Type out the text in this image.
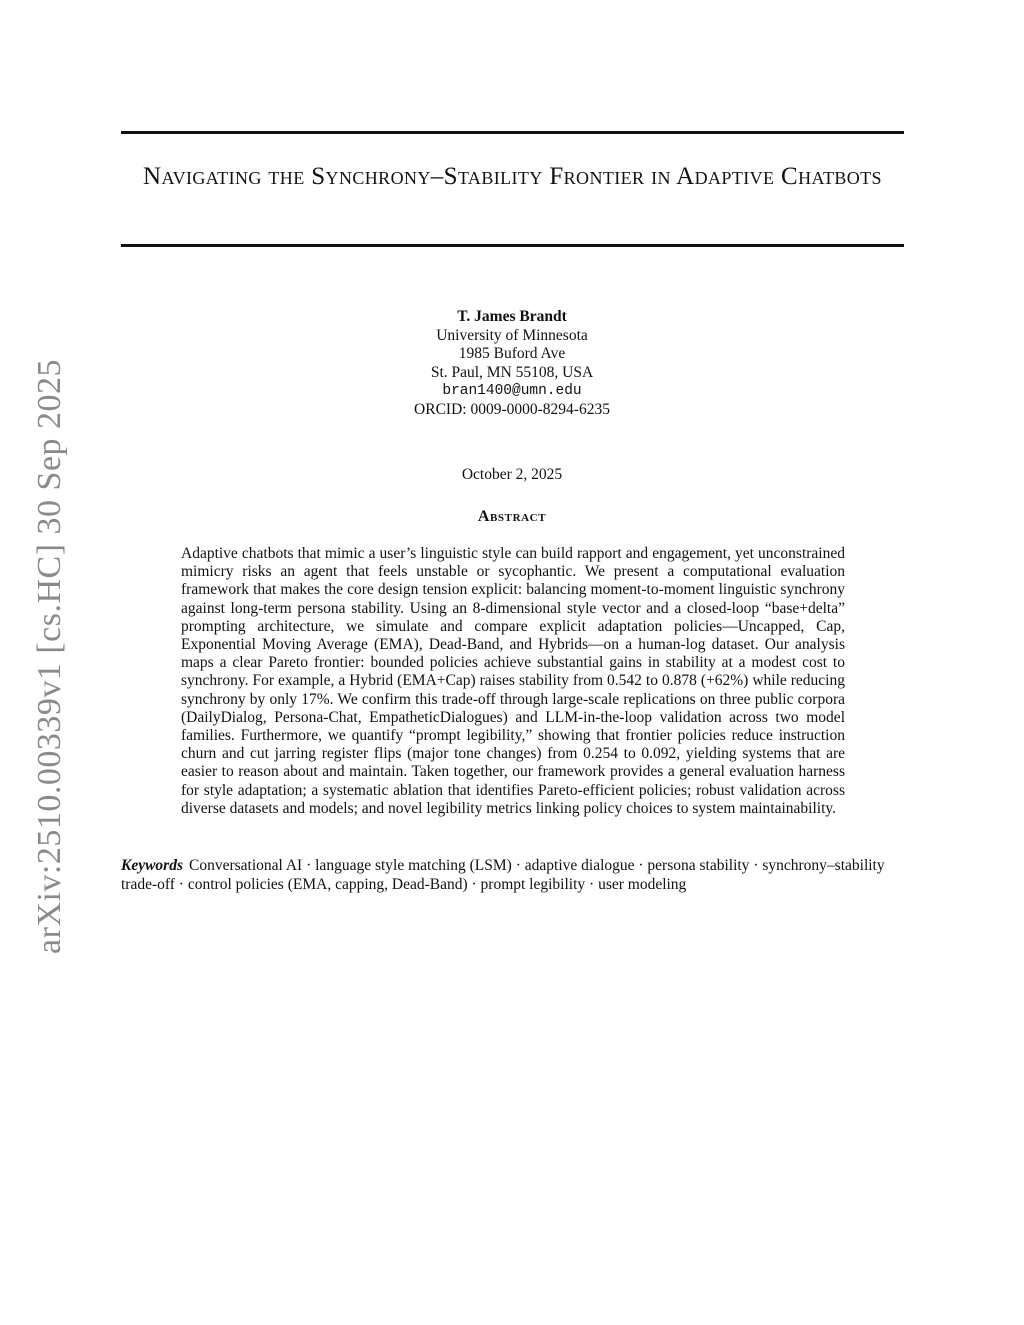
arXiv:2510.00339v1 [cs.HC] 30 Sep 2025
Navigating the Synchrony–Stability Frontier in Adaptive Chatbots
T. James Brandt
University of Minnesota
1985 Buford Ave
St. Paul, MN 55108, USA
bran1400@umn.edu
ORCID: 0009-0000-8294-6235
October 2, 2025
Abstract

Adaptive chatbots that mimic a user’s linguistic style can build rapport and engagement, yet unconstrained mimicry risks an agent that feels unstable or sycophantic. We present a computational evaluation framework that makes the core design tension explicit: balancing moment-to-moment linguistic synchrony against long-term persona stability. Using an 8-dimensional style vector and a closed-loop “base+delta” prompting architecture, we simulate and compare explicit adaptation policies—Uncapped, Cap, Exponential Moving Average (EMA), Dead-Band, and Hybrids—on a human-log dataset. Our analysis maps a clear Pareto frontier: bounded policies achieve substantial gains in stability at a modest cost to synchrony. For example, a Hybrid (EMA+Cap) raises stability from 0.542 to 0.878 (+62%) while reducing synchrony by only 17%. We confirm this trade-off through large-scale replications on three public corpora (DailyDialog, Persona-Chat, EmpatheticDialogues) and LLM-in-the-loop validation across two model families. Furthermore, we quantify “prompt legibility,” showing that frontier policies reduce instruction churn and cut jarring register flips (major tone changes) from 0.254 to 0.092, yielding systems that are easier to reason about and maintain. Taken together, our framework provides a general evaluation harness for style adaptation; a systematic ablation that identifies Pareto-efficient policies; robust validation across diverse datasets and models; and novel legibility metrics linking policy choices to system maintainability.

Keywords Conversational AI · language style matching (LSM) · adaptive dialogue · persona stability · synchrony–stability trade-off · control policies (EMA, capping, Dead-Band) · prompt legibility · user modeling
